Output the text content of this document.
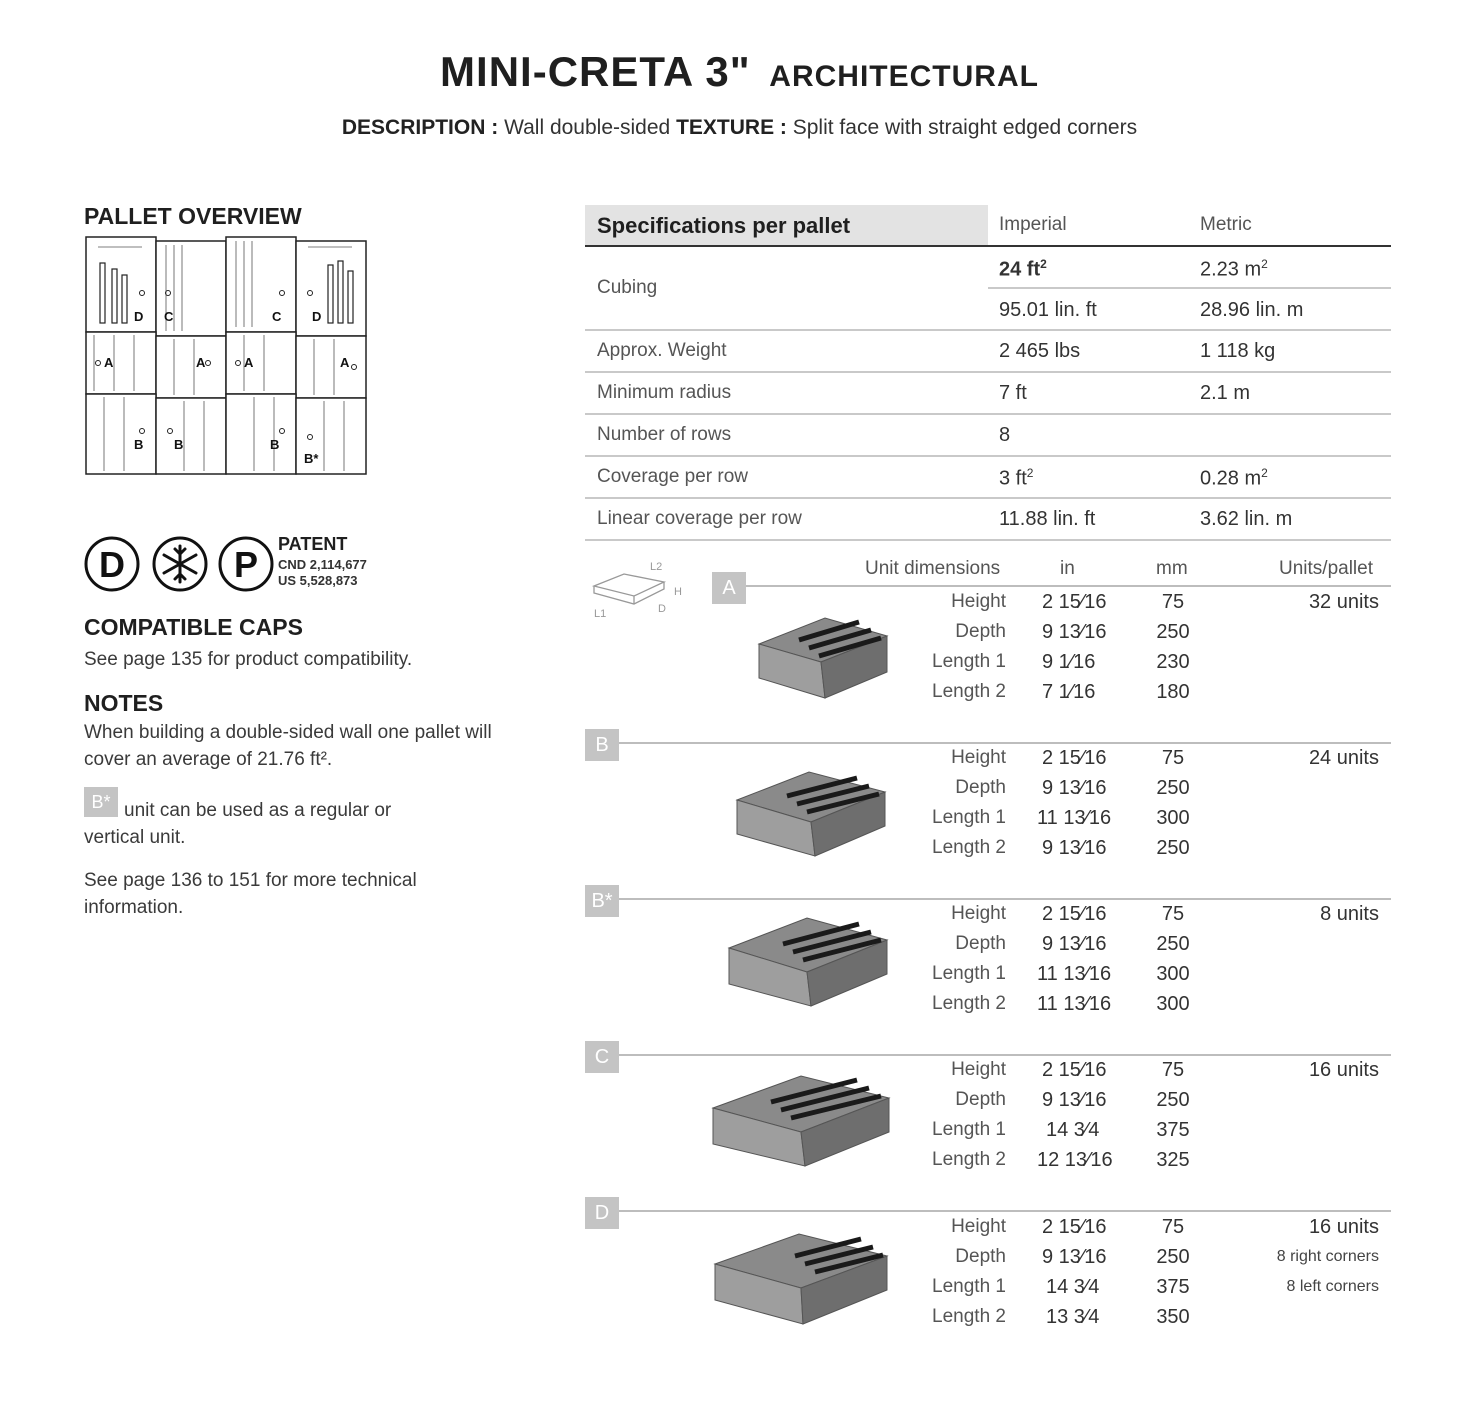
MINI-CRETA 3" ARCHITECTURAL
DESCRIPTION : Wall double-sided TEXTURE : Split face with straight edged corners
PALLET OVERVIEW
D C	C D
A	A	A	A
B B	B
B*
D	P PATENT
CND 2,114,677
US 5,528,873
COMPATIBLE CAPS
See page 135 for product compatibility.
NOTES
When building a double-sided wall one pallet will cover an average of 21.76 ft².
B* unit can be used as a regular or
vertical unit.
See page 136 to 151 for more technical information.
Specifications per pallet	Imperial	Metric
Cubing
24 $ft^2$	2.23 $m^2$
95.01 lin. ft	28.96 lin. m
Approx. Weight	2 465 lbs	1 118 kg
Minimum radius	7 ft	2.1 m
Number of rows	8
Coverage per row	3 $ft^2$	0.28 $m^2$
Linear coverage per row	11.88 lin. ft	3.62 lin. m
L2
H
L1	D
Unit dimensions	in	mm	Units/pallet
A
Height 2 15⁄16	75
Depth 9 13⁄16	250
Length 1 9 1⁄16	230
Length 2 7 1⁄16	180
32 units
B
Height 2 15⁄16	75
Depth 9 13⁄16	250
Length 1 11 13⁄16	300
Length 2 9 13⁄16	250
24 units
B*
Height 2 15⁄16	75
Depth 9 13⁄16	250
Length 1 11 13⁄16	300
Length 2 11 13⁄16	300
8 units
C
Height 2 15⁄16	75
Depth 9 13⁄16	250
Length 1 14 3⁄4	375
Length 2 12 13⁄16	325
16 units
D
Height 2 15⁄16	75
Depth 9 13⁄16	250
Length 1 14 3⁄4	375
Length 2 13 3⁄4	350
16 units
8 right corners
8 left corners
